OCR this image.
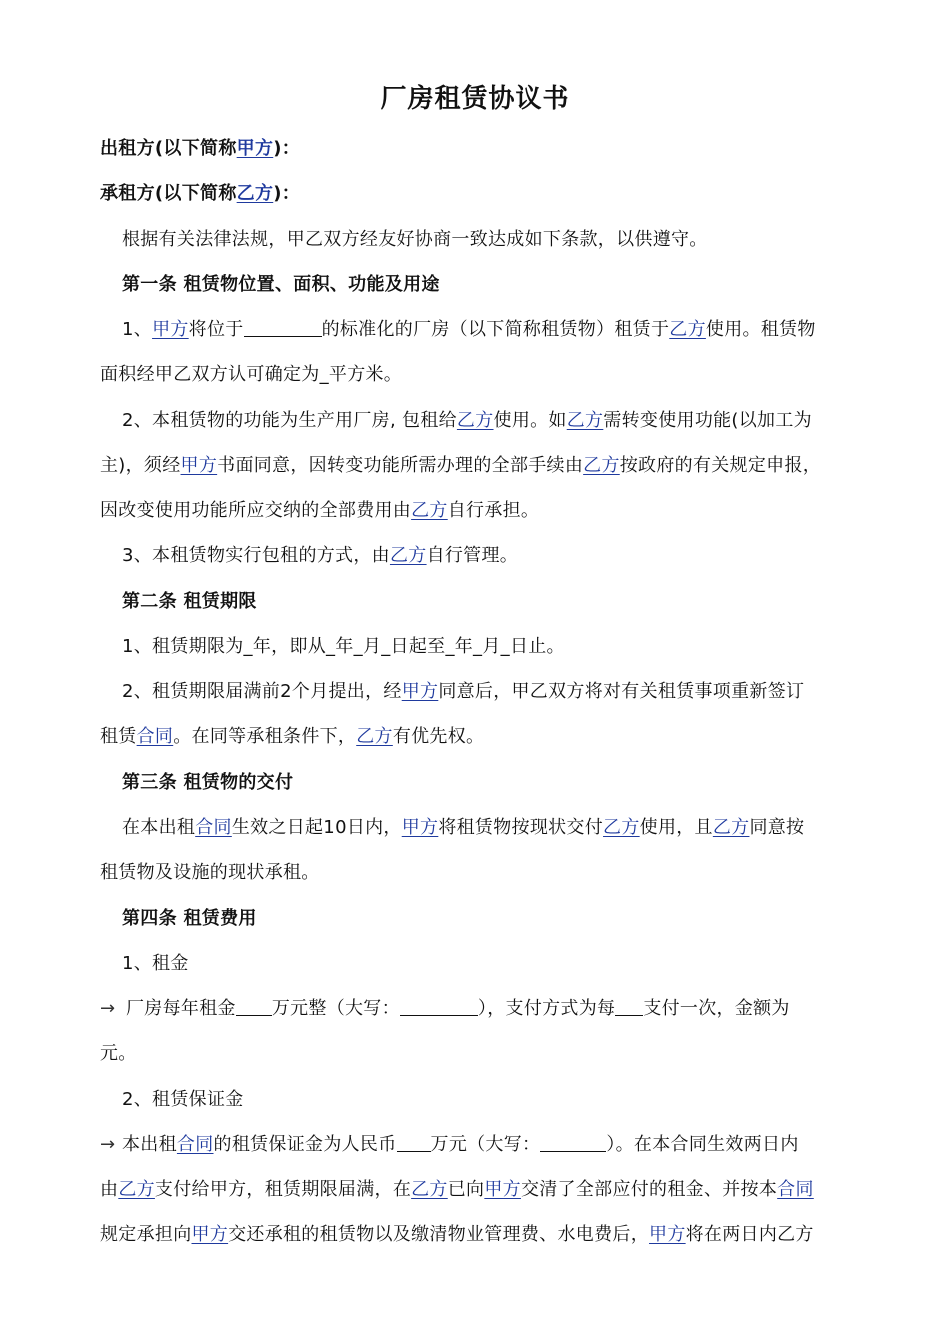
厂房租赁协议书
出租方(以下简称甲方)：
承租方(以下简称乙方)：
根据有关法律法规，甲乙双方经友好协商一致达成如下条款，以供遵守。
第一条 租赁物位置、面积、功能及用途
1、甲方将位于	的标准化的厂房（以下简称租赁物）租赁于乙方使用。租赁物
面积经甲乙双方认可确定为_平方米。
2、本租赁物的功能为生产用厂房, 包租给乙方使用。如乙方需转变使用功能(以加工为
主)，须经甲方书面同意，因转变功能所需办理的全部手续由乙方按政府的有关规定申报，
因改变使用功能所应交纳的全部费用由乙方自行承担。
3、本租赁物实行包租的方式，由乙方自行管理。
第二条 租赁期限
1、租赁期限为_年，即从_年_月_日起至_年_月_日止。
2、租赁期限届满前2个月提出，经甲方同意后，甲乙双方将对有关租赁事项重新签订
租赁合同。在同等承租条件下，乙方有优先权。
第三条 租赁物的交付
在本出租合同生效之日起10日内，甲方将租赁物按现状交付乙方使用，且乙方同意按
租赁物及设施的现状承租。
第四条 租赁费用
1、租金
→ 厂房每年租金 万元整（大写：	），支付方式为每 支付一次，金额为
元。
2、租赁保证金
→ 本出租合同的租赁保证金为人民币 万元（大写：	）。在本合同生效两日内
由乙方支付给甲方，租赁期限届满，在乙方已向甲方交清了全部应付的租金、并按本合同
规定承担向甲方交还承租的租赁物以及缴清物业管理费、水电费后，甲方将在两日内乙方
